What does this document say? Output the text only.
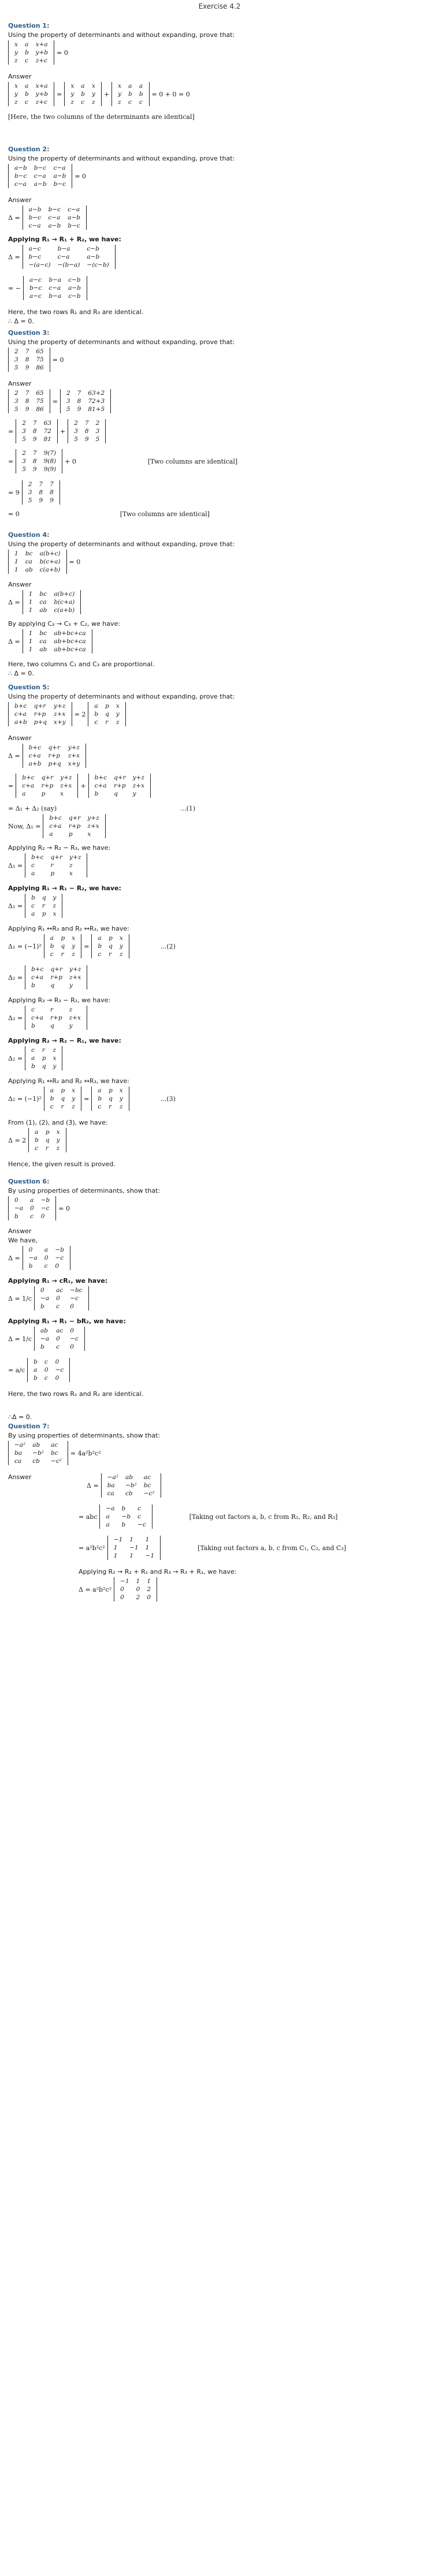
Exercise 4.2
Question 1:
Using the property of determinants and without expanding, prove that:
x	a	x+a
y	b	y+b
z	c	z+c
= 0
Answer
x	a	x+a
y	b	y+b
z	c	z+c
=
x	a	x
y	b	y
z	c	z
+
x	a	a
y	b	b
z	c	c
= 0 + 0 = 0
[Here, the two columns of the determinants are identical]
Question 2:
Using the property of determinants and without expanding, prove that:
a−b	b−c	c−a
b−c	c−a	a−b
c−a	a−b	b−c
= 0
Answer
Δ =
a−b	b−c	c−a
b−c	c−a	a−b
c−a	a−b	b−c
Applying R₁ → R₁ + R₂, we have:
Δ =
a−c	b−a	c−b
b−c	c−a	a−b
−(a−c)	−(b−a)	−(c−b)
= −
a−c	b−a	c−b
b−c	c−a	a−b
a−c	b−a	c−b
Here, the two rows R₁ and R₃ are identical.
∴ Δ = 0.
Question 3:
Using the property of determinants and without expanding, prove that:
2	7	65
3	8	75
5	9	86
= 0
Answer
2	7	65
3	8	75
5	9	86
=
2	7	63+2
3	8	72+3
5	9	81+5
=
2	7	63
3	8	72
5	9	81
+
2	7	2
3	8	3
5	9	5
=
2	7	9(7)
3	8	9(8)
5	9	9(9)
+ 0	[Two columns are identical]
= 9
2	7	7
3	8	8
5	9	9
= 0	[Two columns are identical]
Question 4:
Using the property of determinants and without expanding, prove that:
1	bc	a(b+c)
1	ca	b(c+a)
1	ab	c(a+b)
= 0
Answer
Δ =
1	bc	a(b+c)
1	ca	b(c+a)
1	ab	c(a+b)
By applying C₃ → C₃ + C₂, we have:
Δ =
1	bc	ab+bc+ca
1	ca	ab+bc+ca
1	ab	ab+bc+ca
Here, two columns C₁ and C₃ are proportional.
∴ Δ = 0.
Question 5:
Using the property of determinants and without expanding, prove that:
b+c	q+r	y+z
c+a	r+p	z+x
a+b	p+q	x+y
= 2
a	p	x
b	q	y
c	r	z
Answer
Δ =
b+c	q+r	y+z
c+a	r+p	z+x
a+b	p+q	x+y
=
b+c	q+r	y+z
c+a	r+p	z+x
a	p	x
+
b+c	q+r	y+z
c+a	r+p	z+x
b	q	y
= Δ₁ + Δ₂ (say)	...(1)
Now, Δ₁ =
b+c	q+r	y+z
c+a	r+p	z+x
a	p	x
Applying R₂ → R₂ − R₃, we have:
Δ₁ =
b+c	q+r	y+z
c	r	z
a	p	x
Applying R₁ → R₁ − R₂, we have:
Δ₁ =
b	q	y
c	r	z
a	p	x
Applying R₁ ↔R₃ and R₂ ↔R₃, we have:
Δ₁ = (−1)²
a	p	x
b	q	y
c	r	z
=
a	p	x
b	q	y
c	r	z
...(2)
Δ₂ =
b+c	q+r	y+z
c+a	r+p	z+x
b	q	y
Applying R₃ → R₃ − R₂, we have:
Δ₂ =
c	r	z
c+a	r+p	z+x
b	q	y
Applying R₂ → R₂ − R₁, we have:
Δ₂ =
c	r	z
a	p	x
b	q	y
Applying R₁ ↔R₂ and R₂ ↔R₃, we have:
Δ₂ = (−1)²
a	p	x
b	q	y
c	r	z
=
a	p	x
b	q	y
c	r	z
...(3)
From (1), (2), and (3), we have:
Δ = 2
a	p	x
b	q	y
c	r	z
Hence, the given result is proved.
Question 6:
By using properties of determinants, show that:
0	a	−b
−a	0	−c
b	c	0
= 0
Answer
We have,
Δ =
0	a	−b
−a	0	−c
b	c	0
Applying R₁ → cR₁, we have:
Δ = 1/c
0	ac	−bc
−a	0	−c
b	c	0
Applying R₁ → R₁ − bR₂, we have:
Δ = 1/c
ab	ac	0
−a	0	−c
b	c	0
= a/c
b	c	0
a	0	−c
b	c	0
Here, the two rows R₁ and R₂ are identical.
∴Δ = 0.
Question 7:
By using properties of determinants, show that:
−a²	ab	ac
ba	−b²	bc
ca	cb	−c²
= 4a²b²c²
Answer
Δ =
−a²	ab	ac
ba	−b²	bc
ca	cb	−c²
= abc
−a	b	c
a	−b	c
a	b	−c
[Taking out factors a, b, c from R₁, R₂, and R₃]
= a²b²c²
−1	1	1
1	−1	1
1	1	−1
[Taking out factors a, b, c from C₁, C₂, and C₃]
Applying R₂ → R₂ + R₁ and R₃ → R₃ + R₁, we have:
Δ = a²b²c²
−1	1	1
0	0	2
0	2	0
